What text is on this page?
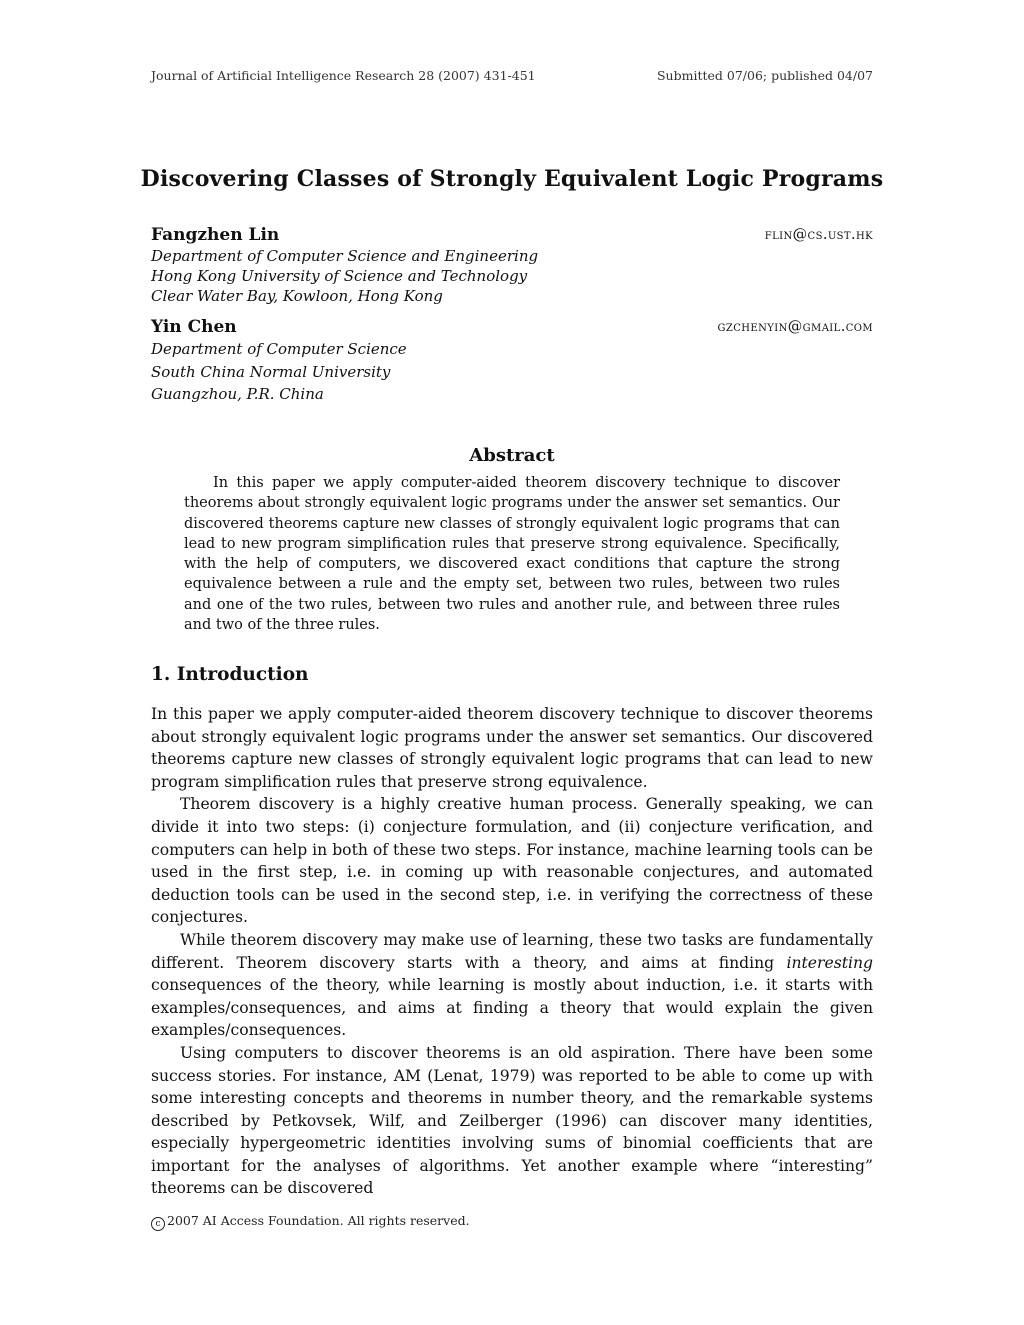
Journal of Artificial Intelligence Research 28 (2007) 431-451	Submitted 07/06; published 04/07
Discovering Classes of Strongly Equivalent Logic Programs
Fangzhen Lin	flin@cs.ust.hk
Department of Computer Science and Engineering
Hong Kong University of Science and Technology
Clear Water Bay, Kowloon, Hong Kong
Yin Chen	gzchenyin@gmail.com
Department of Computer Science
South China Normal University
Guangzhou, P.R. China
Abstract

In this paper we apply computer-aided theorem discovery technique to discover theorems about strongly equivalent logic programs under the answer set semantics. Our discovered theorems capture new classes of strongly equivalent logic programs that can lead to new program simplification rules that preserve strong equivalence. Specifically, with the help of computers, we discovered exact conditions that capture the strong equivalence between a rule and the empty set, between two rules, between two rules and one of the two rules, between two rules and another rule, and between three rules and two of the three rules.

1. Introduction

In this paper we apply computer-aided theorem discovery technique to discover theorems about strongly equivalent logic programs under the answer set semantics. Our discovered theorems capture new classes of strongly equivalent logic programs that can lead to new program simplification rules that preserve strong equivalence.

Theorem discovery is a highly creative human process. Generally speaking, we can divide it into two steps: (i) conjecture formulation, and (ii) conjecture verification, and computers can help in both of these two steps. For instance, machine learning tools can be used in the first step, i.e. in coming up with reasonable conjectures, and automated deduction tools can be used in the second step, i.e. in verifying the correctness of these conjectures.

While theorem discovery may make use of learning, these two tasks are fundamentally different. Theorem discovery starts with a theory, and aims at finding interesting consequences of the theory, while learning is mostly about induction, i.e. it starts with examples/consequences, and aims at finding a theory that would explain the given examples/consequences.

Using computers to discover theorems is an old aspiration. There have been some success stories. For instance, AM (Lenat, 1979) was reported to be able to come up with some interesting concepts and theorems in number theory, and the remarkable systems described by Petkovsek, Wilf, and Zeilberger (1996) can discover many identities, especially hypergeometric identities involving sums of binomial coefficients that are important for the analyses of algorithms. Yet another example where “interesting” theorems can be discovered

c 2007 AI Access Foundation. All rights reserved.
